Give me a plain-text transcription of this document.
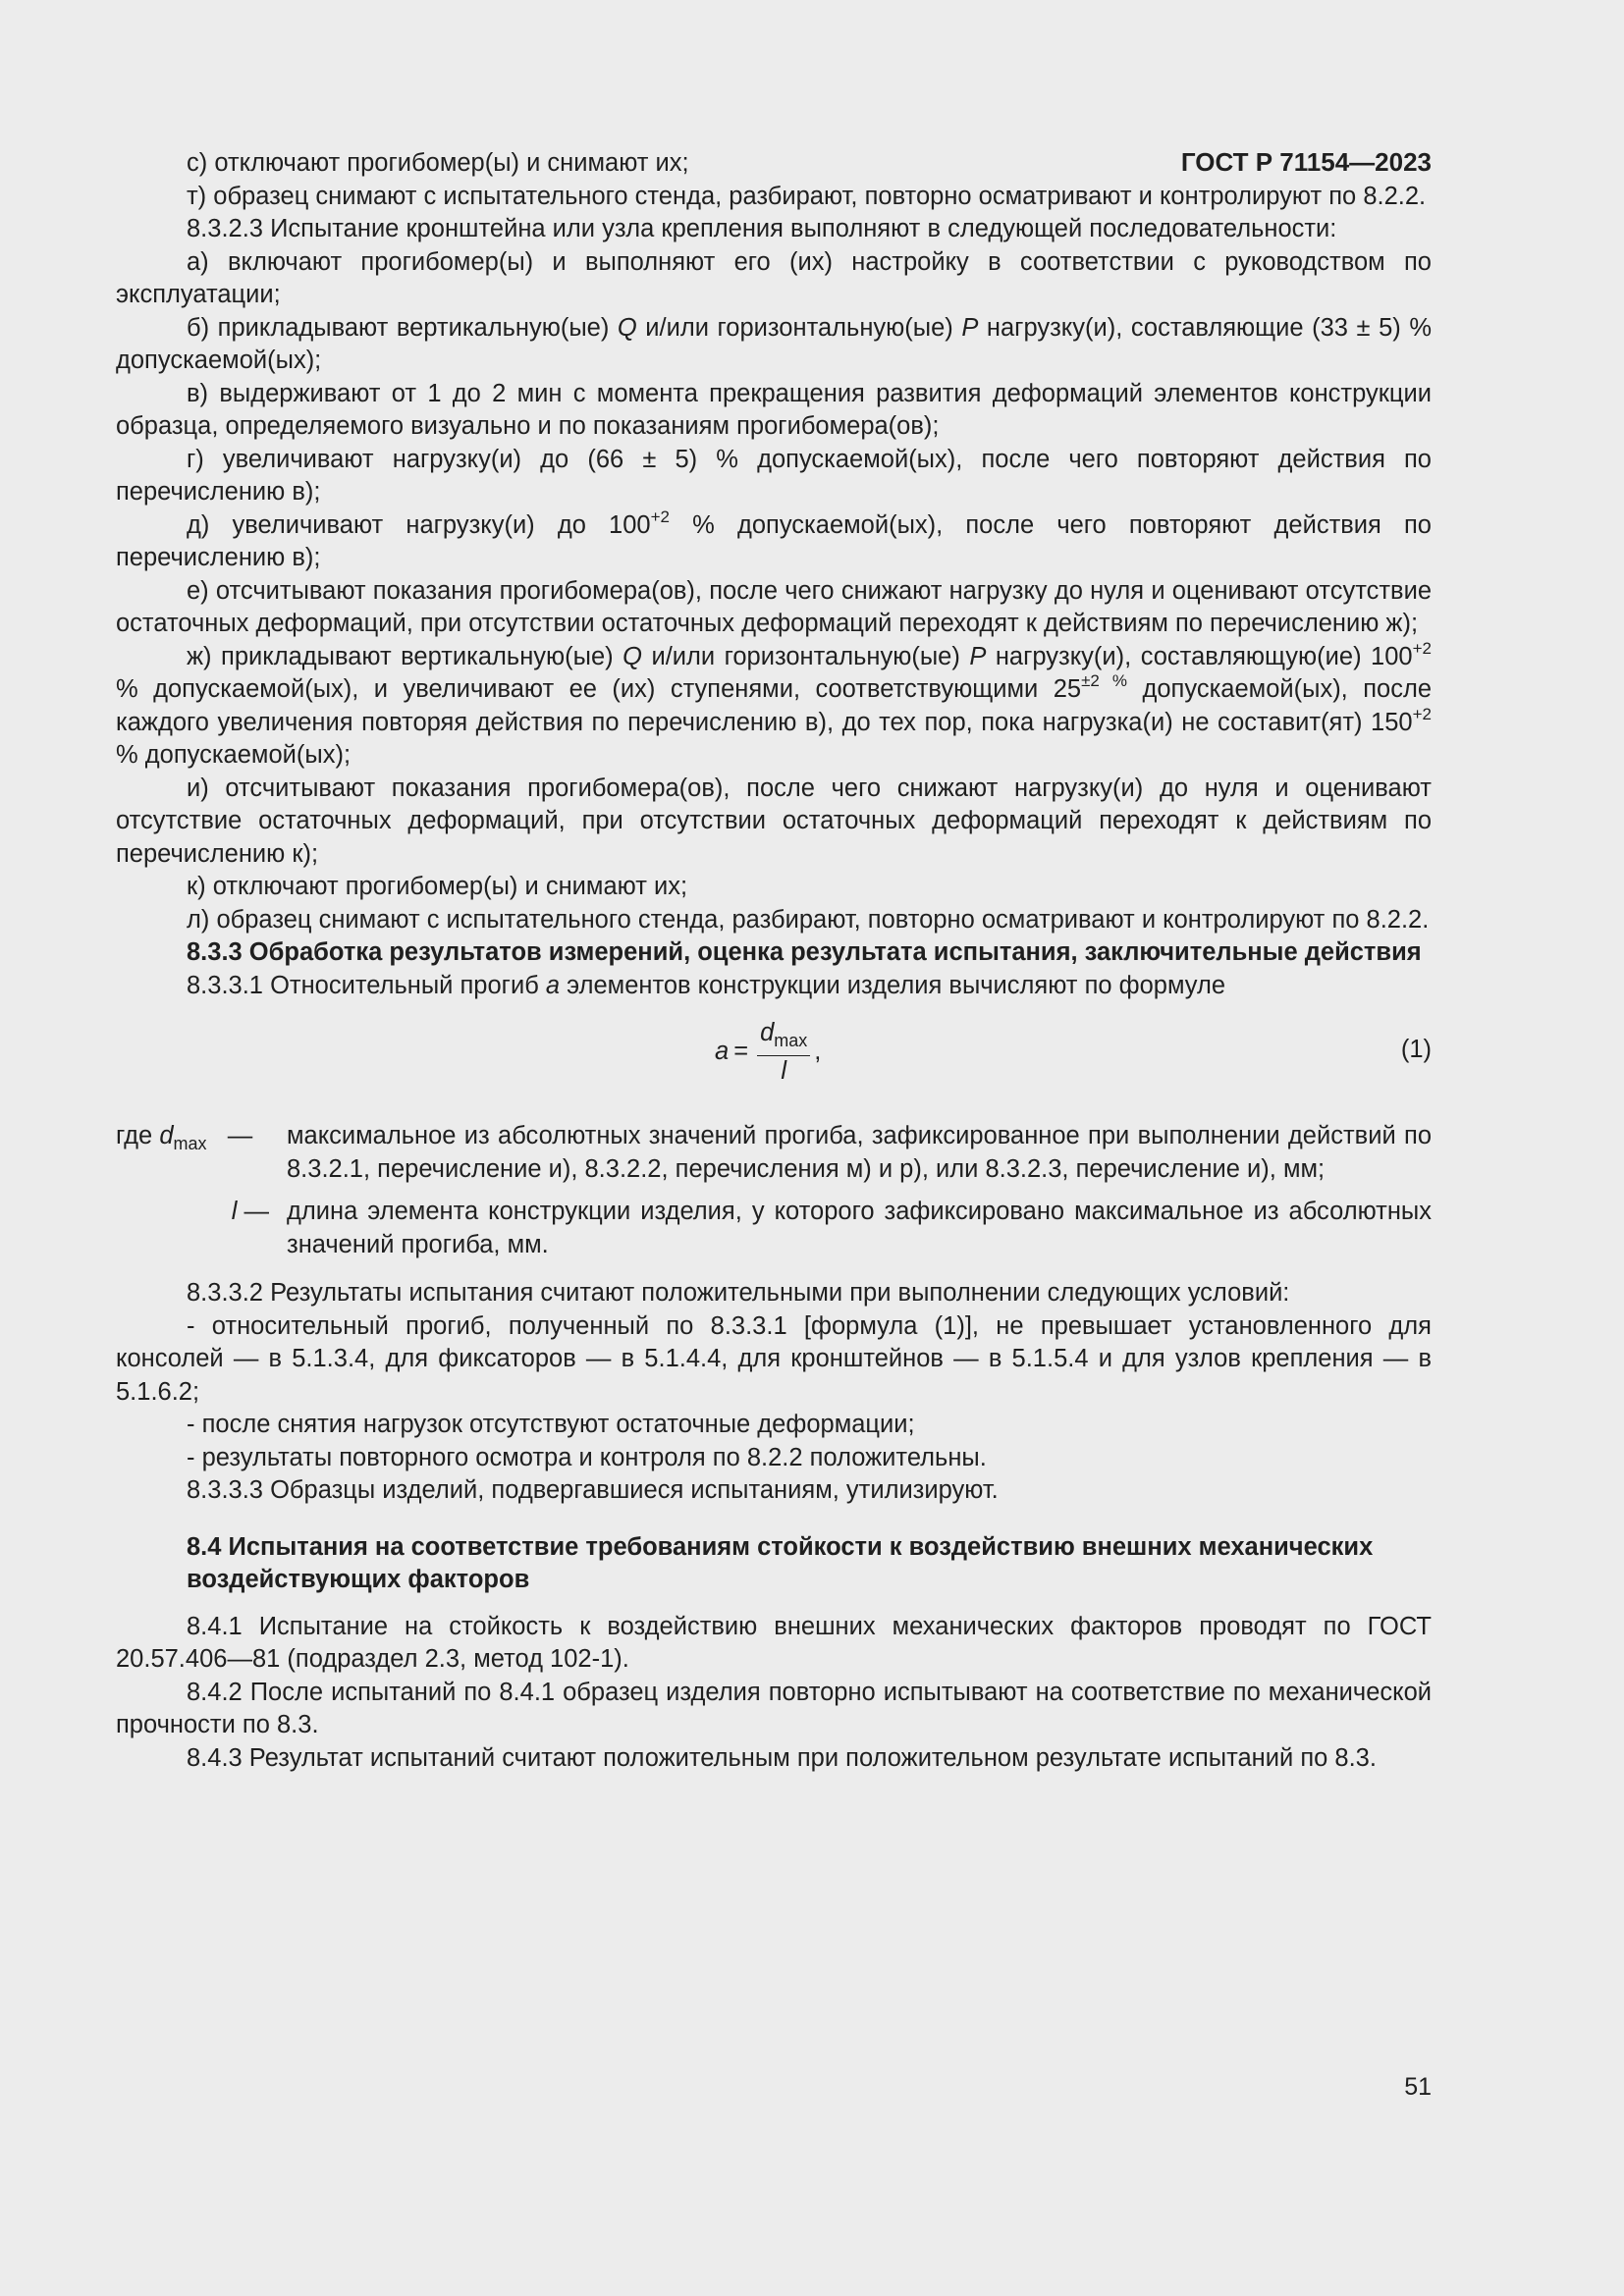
ГОСТ Р 71154—2023
с) отключают прогибомер(ы) и снимают их;
т) образец снимают с испытательного стенда, разбирают, повторно осматривают и контролируют по 8.2.2.
8.3.2.3 Испытание кронштейна или узла крепления выполняют в следующей последовательности:
а) включают прогибомер(ы) и выполняют его (их) настройку в соответствии с руководством по эксплуатации;
б) прикладывают вертикальную(ые) Q и/или горизонтальную(ые) P нагрузку(и), составляющие (33 ± 5) % допускаемой(ых);
в) выдерживают от 1 до 2 мин с момента прекращения развития деформаций элементов конструкции образца, определяемого визуально и по показаниям прогибомера(ов);
г) увеличивают нагрузку(и) до (66 ± 5) % допускаемой(ых), после чего повторяют действия по перечислению в);
д) увеличивают нагрузку(и) до $100^{+2}$ % допускаемой(ых), после чего повторяют действия по перечислению в);
е) отсчитывают показания прогибомера(ов), после чего снижают нагрузку до нуля и оценивают отсутствие остаточных деформаций, при отсутствии остаточных деформаций переходят к действиям по перечислению ж);
ж) прикладывают вертикальную(ые) Q и/или горизонтальную(ые) P нагрузку(и), составляющую(ие) $100^{+2}$ % допускаемой(ых), и увеличивают ее (их) ступенями, соответствующими $25^{\pm 2 \%}$ допускаемой(ых), после каждого увеличения повторяя действия по перечислению в), до тех пор, пока нагрузка(и) не составит(ят) $150^{+2}$ % допускаемой(ых);
и) отсчитывают показания прогибомера(ов), после чего снижают нагрузку(и) до нуля и оценивают отсутствие остаточных деформаций, при отсутствии остаточных деформаций переходят к действиям по перечислению к);
к) отключают прогибомер(ы) и снимают их;
л) образец снимают с испытательного стенда, разбирают, повторно осматривают и контролируют по 8.2.2.
8.3.3 Обработка результатов измерений, оценка результата испытания, заключительные действия
8.3.3.1 Относительный прогиб a элементов конструкции изделия вычисляют по формуле
$a = \frac{d_{max}}{l}$ ,	(1)
где $d_{max}$ —	максимальное из абсолютных значений прогиба, зафиксированное при выполнении действий по 8.3.2.1, перечисление и), 8.3.2.2, перечисления м) и р), или 8.3.2.3, перечисление и), мм;
l — длина элемента конструкции изделия, у которого зафиксировано максимальное из абсолютных значений прогиба, мм.
8.3.3.2 Результаты испытания считают положительными при выполнении следующих условий:
- относительный прогиб, полученный по 8.3.3.1 [формула (1)], не превышает установленного для консолей — в 5.1.3.4, для фиксаторов — в 5.1.4.4, для кронштейнов — в 5.1.5.4 и для узлов крепления — в 5.1.6.2;
- после снятия нагрузок отсутствуют остаточные деформации;
- результаты повторного осмотра и контроля по 8.2.2 положительны.
8.3.3.3 Образцы изделий, подвергавшиеся испытаниям, утилизируют.
8.4 Испытания на соответствие требованиям стойкости к воздействию внешних механических воздействующих факторов
8.4.1 Испытание на стойкость к воздействию внешних механических факторов проводят по ГОСТ 20.57.406—81 (подраздел 2.3, метод 102-1).
8.4.2 После испытаний по 8.4.1 образец изделия повторно испытывают на соответствие по механической прочности по 8.3.
8.4.3 Результат испытаний считают положительным при положительном результате испытаний по 8.3.
51
